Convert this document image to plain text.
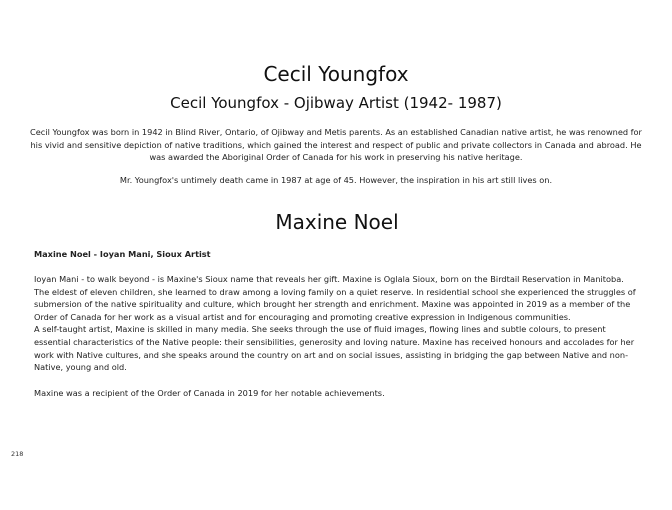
Cecil Youngfox
Cecil Youngfox - Ojibway Artist (1942- 1987)

Cecil Youngfox was born in 1942 in Blind River, Ontario, of Ojibway and Metis parents. As an established Canadian native artist, he was renowned for his vivid and sensitive depiction of native traditions, which gained the interest and respect of public and private collectors in Canada and abroad. He was awarded the Aboriginal Order of Canada for his work in preserving his native heritage.

Mr. Youngfox's untimely death came in 1987 at age of 45. However, the inspiration in his art still lives on.

Maxine Noel

Maxine Noel - Ioyan Mani, Sioux Artist

Ioyan Mani - to walk beyond - is Maxine's Sioux name that reveals her gift. Maxine is Oglala Sioux, born on the Birdtail Reservation in Manitoba. The eldest of eleven children, she learned to draw among a loving family on a quiet reserve. In residential school she experienced the struggles of submersion of the native spirituality and culture, which brought her strength and enrichment. Maxine was appointed in 2019 as a member of the Order of Canada for her work as a visual artist and for encouraging and promoting creative expression in Indigenous communities.

A self-taught artist, Maxine is skilled in many media. She seeks through the use of fluid images, flowing lines and subtle colours, to present essential characteristics of the Native people: their sensibilities, generosity and loving nature. Maxine has received honours and accolades for her work with Native cultures, and she speaks around the country on art and on social issues, assisting in bridging the gap between Native and non-Native, young and old.

Maxine was a recipient of the Order of Canada in 2019 for her notable achievements.

218
